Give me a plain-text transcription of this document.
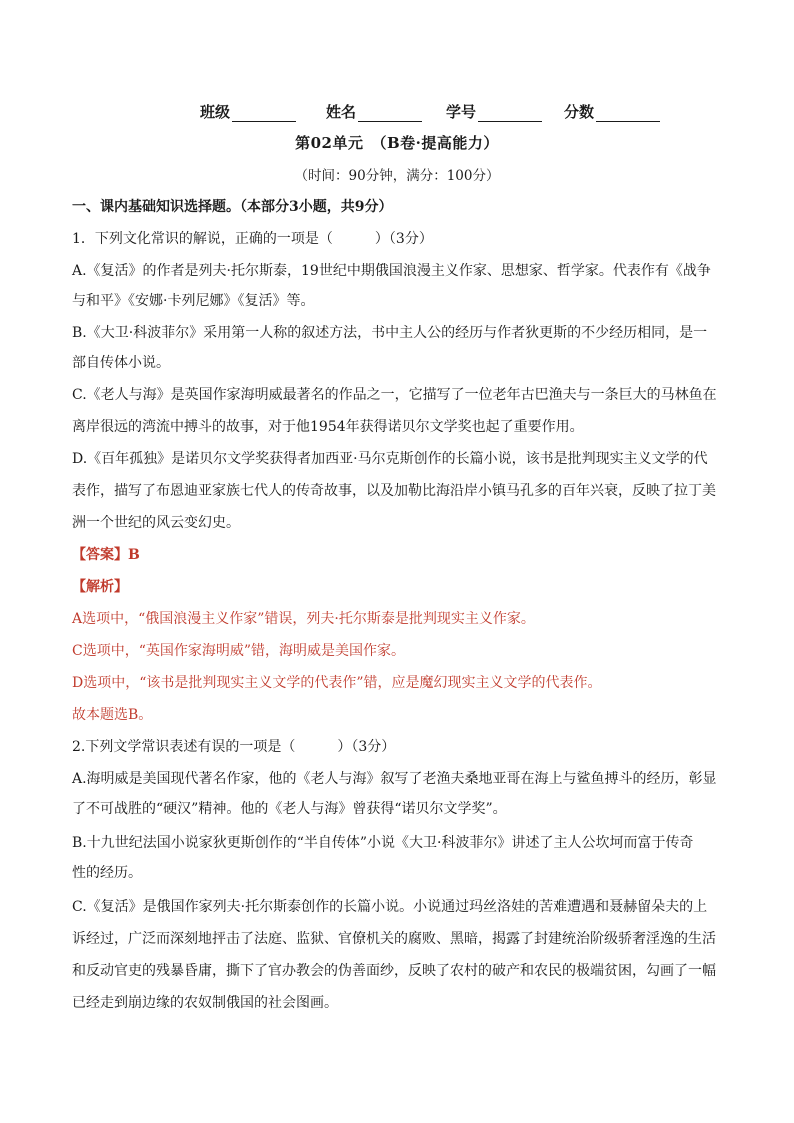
班级	姓名	学号	分数
第02单元　（B卷·提高能力）
（时间：90分钟，满分：100分）
一、课内基础知识选择题。（本部分3小题，共9分）
1．下列文化常识的解说，正确的一项是（　　　）（3分）
A.《复活》的作者是列夫·托尔斯泰，19世纪中期俄国浪漫主义作家、思想家、哲学家。代表作有《战争
与和平》《安娜·卡列尼娜》《复活》等。
B.《大卫·科波菲尔》采用第一人称的叙述方法，书中主人公的经历与作者狄更斯的不少经历相同，是一
部自传体小说。
C.《老人与海》是英国作家海明威最著名的作品之一，它描写了一位老年古巴渔夫与一条巨大的马林鱼在
离岸很远的湾流中搏斗的故事，对于他1954年获得诺贝尔文学奖也起了重要作用。
D.《百年孤独》是诺贝尔文学奖获得者加西亚·马尔克斯创作的长篇小说，该书是批判现实主义文学的代
表作，描写了布恩迪亚家族七代人的传奇故事，以及加勒比海沿岸小镇马孔多的百年兴衰，反映了拉丁美
洲一个世纪的风云变幻史。
【答案】B
【解析】
A选项中，“俄国浪漫主义作家”错误，列夫·托尔斯泰是批判现实主义作家。
C选项中，“英国作家海明威”错，海明威是美国作家。
D选项中，“该书是批判现实主义文学的代表作”错，应是魔幻现实主义文学的代表作。
故本题选B。
2.下列文学常识表述有误的一项是（　　　）（3分）
A.海明威是美国现代著名作家，他的《老人与海》叙写了老渔夫桑地亚哥在海上与鲨鱼搏斗的经历，彰显
了不可战胜的“硬汉”精神。他的《老人与海》曾获得“诺贝尔文学奖”。
B.十九世纪法国小说家狄更斯创作的“半自传体”小说《大卫·科波菲尔》讲述了主人公坎坷而富于传奇
性的经历。
C.《复活》是俄国作家列夫·托尔斯泰创作的长篇小说。小说通过玛丝洛娃的苦难遭遇和聂赫留朵夫的上
诉经过，广泛而深刻地抨击了法庭、监狱、官僚机关的腐败、黑暗，揭露了封建统治阶级骄奢淫逸的生活
和反动官吏的残暴昏庸，撕下了官办教会的伪善面纱，反映了农村的破产和农民的极端贫困，勾画了一幅
已经走到崩边缘的农奴制俄国的社会图画。
